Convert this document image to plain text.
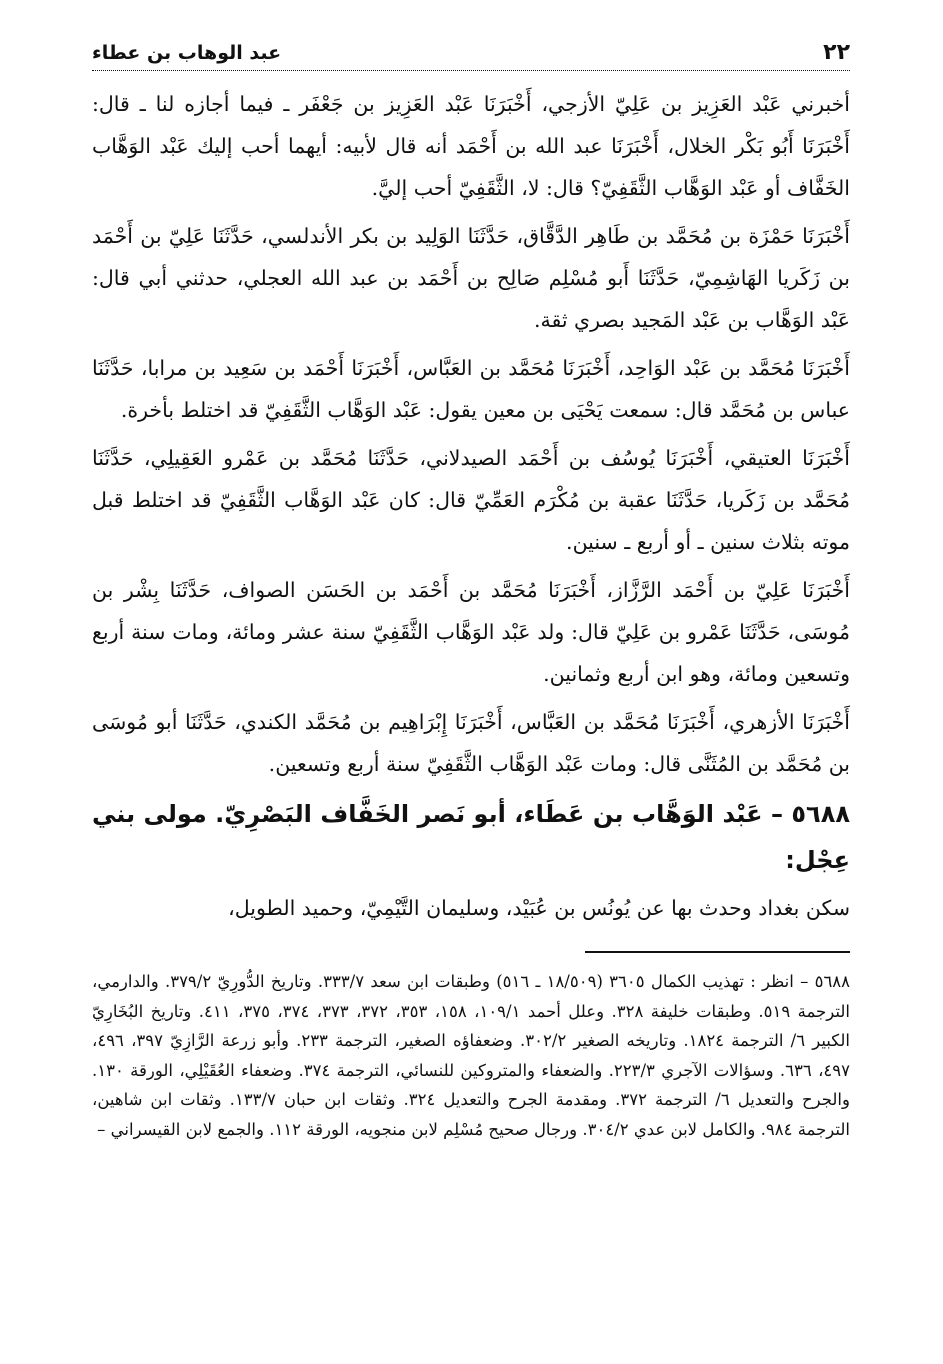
٢٢
عبد الوهاب بن عطاء

أخبرني عَبْد العَزِيز بن عَلِيّ الأزجي، أَخْبَرَنَا عَبْد العَزِيز بن جَعْفَر ـ فيما أجازه لنا ـ قال: أَخْبَرَنَا أَبُو بَكْر الخلال، أَخْبَرَنَا عبد الله بن أَحْمَد أنه قال لأبيه: أيهما أحب إليك عَبْد الوَهَّاب الخَفَّاف أو عَبْد الوَهَّاب الثَّقَفِيّ؟ قال: لا، الثَّقَفِيّ أحب إليَّ.

أَخْبَرَنَا حَمْزَة بن مُحَمَّد بن طَاهِر الدَّقَّاق، حَدَّثَنَا الوَلِيد بن بكر الأندلسي، حَدَّثَنَا عَلِيّ بن أَحْمَد بن زَكَريا الهَاشِمِيّ، حَدَّثَنَا أَبو مُسْلِم صَالِح بن أَحْمَد بن عبد الله العجلي، حدثني أبي قال: عَبْد الوَهَّاب بن عَبْد المَجيد بصري ثقة.

أَخْبَرَنَا مُحَمَّد بن عَبْد الوَاحِد، أَخْبَرَنَا مُحَمَّد بن العَبَّاس، أَخْبَرَنَا أَحْمَد بن سَعِيد بن مرابا، حَدَّثَنَا عباس بن مُحَمَّد قال: سمعت يَحْيَى بن معين يقول: عَبْد الوَهَّاب الثَّقَفِيّ قد اختلط بأخرة.

أَخْبَرَنَا العتيقي، أَخْبَرَنَا يُوسُف بن أَحْمَد الصيدلاني، حَدَّثَنَا مُحَمَّد بن عَمْرو العَقِيلِي، حَدَّثَنَا مُحَمَّد بن زَكَريا، حَدَّثَنَا عقبة بن مُكْرَم العَمِّيّ قال: كان عَبْد الوَهَّاب الثَّقَفِيّ قد اختلط قبل موته بثلاث سنين ـ أو أربع ـ سنين.

أَخْبَرَنَا عَلِيّ بن أَحْمَد الرَّزَّاز، أَخْبَرَنَا مُحَمَّد بن أَحْمَد بن الحَسَن الصواف، حَدَّثَنَا بِشْر بن مُوسَى، حَدَّثَنَا عَمْرو بن عَلِيّ قال: ولد عَبْد الوَهَّاب الثَّقَفِيّ سنة عشر ومائة، ومات سنة أربع وتسعين ومائة، وهو ابن أربع وثمانين.

أَخْبَرَنَا الأزهري، أَخْبَرَنَا مُحَمَّد بن العَبَّاس، أَخْبَرَنَا إِبْرَاهِيم بن مُحَمَّد الكندي، حَدَّثَنَا أبو مُوسَى بن مُحَمَّد بن المُثَنَّى قال: ومات عَبْد الوَهَّاب الثَّقَفِيّ سنة أربع وتسعين.

٥٦٨٨ – عَبْد الوَهَّاب بن عَطَاء، أبو نَصر الخَفَّاف البَصْرِيّ. مولى بني عِجْل:

سكن بغداد وحدث بها عن يُونُس بن عُبَيْد، وسليمان التَّيْمِيّ، وحميد الطويل،

٥٦٨٨ – انظر : تهذيب الكمال ٣٦٠٥ (١٨/٥٠٩ ـ ٥١٦) وطبقات ابن سعد ٣٣٣/٧. وتاريخ الدُّورِيّ ٣٧٩/٢. والدارمي، الترجمة ٥١٩. وطبقات خليفة ٣٢٨. وعلل أحمد ١٠٩/١، ١٥٨، ٣٥٣، ٣٧٢، ٣٧٣، ٣٧٤، ٣٧٥، ٤١١. وتاريخ البُخَارِيّ الكبير ٦/ الترجمة ١٨٢٤. وتاريخه الصغير ٣٠٢/٢. وضعفاؤه الصغير، الترجمة ٢٣٣. وأبو زرعة الرَّازِيّ ٣٩٧، ٤٩٦، ٤٩٧، ٦٣٦. وسؤالات الآجري ٢٢٣/٣. والضعفاء والمتروكين للنسائي، الترجمة ٣٧٤. وضعفاء العُقَيْلِي، الورقة ١٣٠. والجرح والتعديل ٦/ الترجمة ٣٧٢. ومقدمة الجرح والتعديل ٣٢٤. وثقات ابن حبان ١٣٣/٧. وثقات ابن شاهين، الترجمة ٩٨٤. والكامل لابن عدي ٣٠٤/٢. ورجال صحيح مُسْلِم لابن منجويه، الورقة ١١٢. والجمع لابن القيسراني –
